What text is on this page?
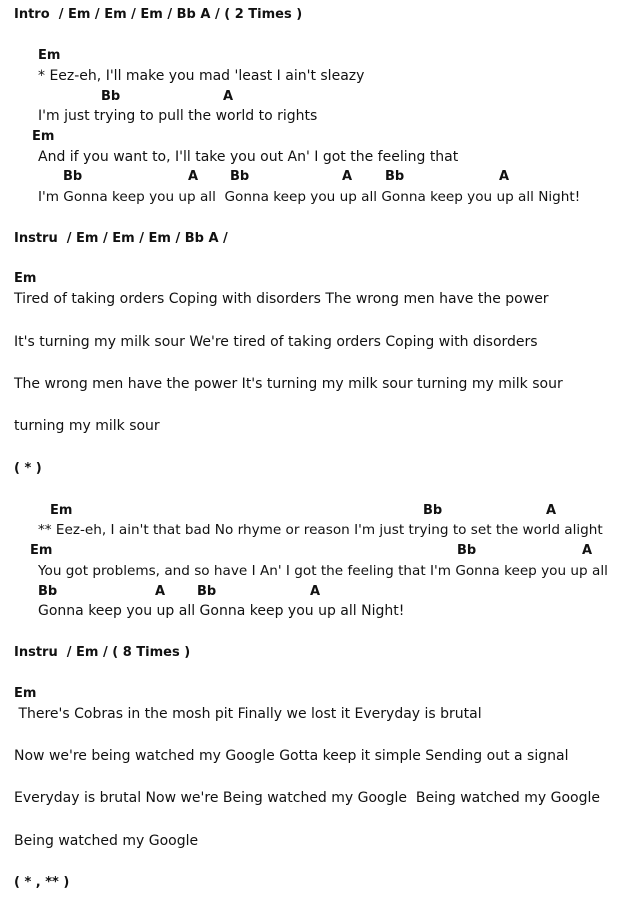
Intro  / Em / Em / Em / Bb A / ( 2 Times )
Em
* Eez-eh, I'll make you mad 'least I ain't sleazy
Bb	A
I'm just trying to pull the world to rights
Em
And if you want to, I'll take you out An' I got the feeling that
Bb	A Bb	A	Bb	A
I'm Gonna keep you up all  Gonna keep you up all Gonna keep you up all Night!
Instru  / Em / Em / Em / Bb A /
Em
Tired of taking orders Coping with disorders The wrong men have the power
It's turning my milk sour We're tired of taking orders Coping with disorders
The wrong men have the power It's turning my milk sour turning my milk sour
turning my milk sour
( * )
Em	Bb	A
** Eez-eh, I ain't that bad No rhyme or reason I'm just trying to set the world alight
Em	Bb	A
You got problems, and so have I An' I got the feeling that I'm Gonna keep you up all
Bb	A Bb	A
Gonna keep you up all Gonna keep you up all Night!
Instru  / Em / ( 8 Times )
Em
There's Cobras in the mosh pit Finally we lost it Everyday is brutal
Now we're being watched my Google Gotta keep it simple Sending out a signal
Everyday is brutal Now we're Being watched my Google  Being watched my Google
Being watched my Google
( * , ** )
